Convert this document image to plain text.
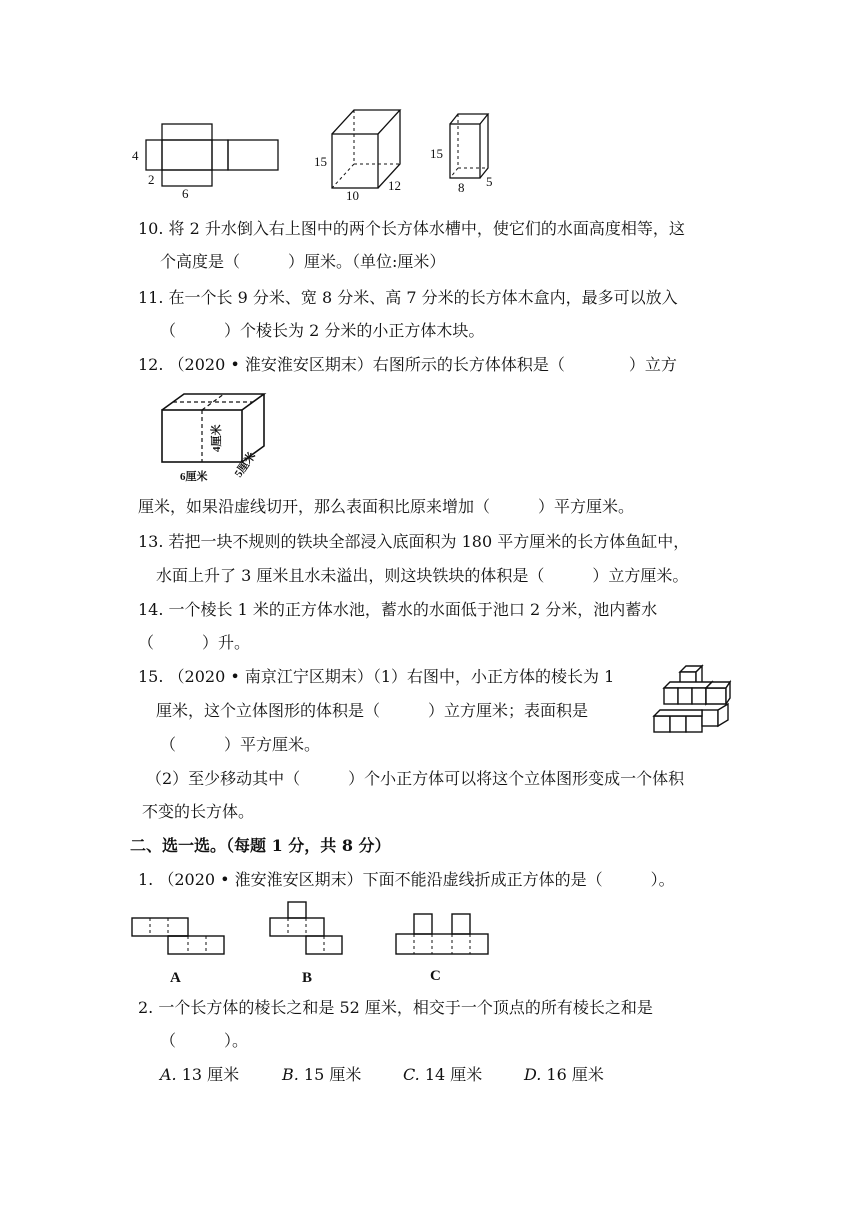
4
2
6
15
10
12
15
8 5
10. 将 2 升水倒入右上图中的两个长方体水槽中，使它们的水面高度相等，这
个高度是（　　　）厘米。（单位:厘米）
11. 在一个长 9 分米、宽 8 分米、高 7 分米的长方体木盒内，最多可以放入
（　　　）个棱长为 2 分米的小正方体木块。
12. （2020 • 淮安淮安区期末）右图所示的长方体体积是（　　　　）立方
4厘米
6厘米 5厘米
厘米，如果沿虚线切开，那么表面积比原来增加（　　　）平方厘米。
13. 若把一块不规则的铁块全部浸入底面积为 180 平方厘米的长方体鱼缸中，
水面上升了 3 厘米且水未溢出，则这块铁块的体积是（　　　）立方厘米。
14. 一个棱长 1 米的正方体水池，蓄水的水面低于池口 2 分米，池内蓄水
（　　　）升。
15. （2020 • 南京江宁区期末）（1）右图中，小正方体的棱长为 1
厘米，这个立体图形的体积是（　　　）立方厘米；表面积是
（　　　）平方厘米。
（2）至少移动其中（　　　）个小正方体可以将这个立体图形变成一个体积
不变的长方体。
二、选一选。（每题 1 分，共 8 分）
1. （2020 • 淮安淮安区期末）下面不能沿虚线折成正方体的是（　　　）。
A	B	C
2. 一个长方体的棱长之和是 52 厘米，相交于一个顶点的所有棱长之和是
（　　　）。
A. 13 厘米	B. 15 厘米	C. 14 厘米	D. 16 厘米
